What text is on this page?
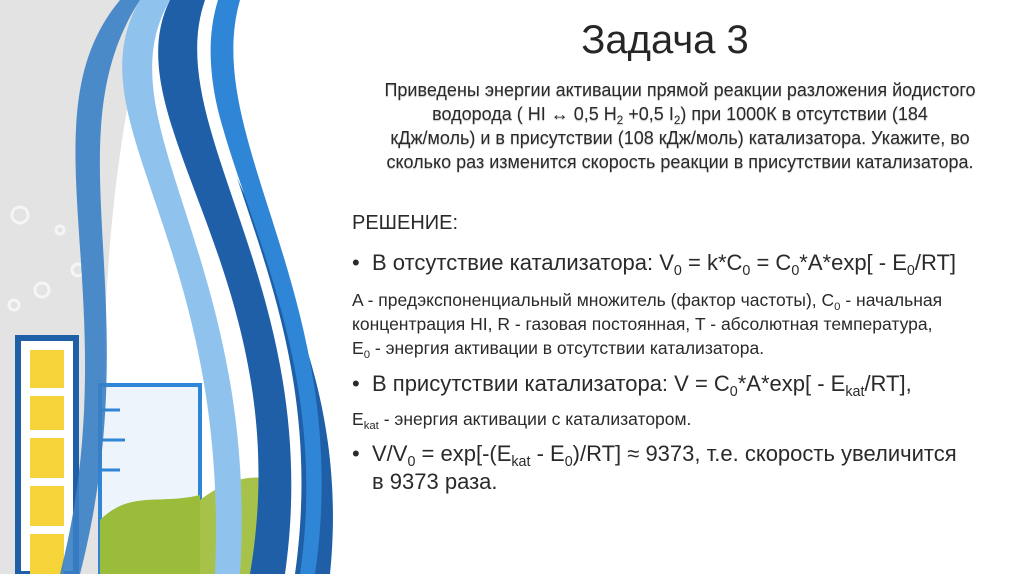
Задача 3
Приведены энергии активации прямой реакции разложения йодистого
водорода ( HI ↔ 0,5 $H_2 +0,5$ $I_2$) при 1000К в отсутствии (184
кДж/моль) и в присутствии (108 кДж/моль) катализатора. Укажите, во
сколько раз изменится скорость реакции в присутствии катализатора.
РЕШЕНИЕ:
• В отсутствие катализатора: $V_0 = k*C_0 = C_0*A*\exp[ - E_0/RT]$
A - предэкспоненциальный множитель (фактор частоты), $C_0$ - начальная
концентрация HI, R - газовая постоянная, T - абсолютная температура,
$E_0$ - энергия активации в отсутствии катализатора.
• В присутствии катализатора: $V = C_0*A*\exp[ - E_{kat}/RT]$,
$E_{kat}$ - энергия активации с катализатором.
• $V/V_0 = \exp[-(E_{kat} - E_0)/RT] \approx 9373$, т.е. скорость увеличится
в 9373 раза.
